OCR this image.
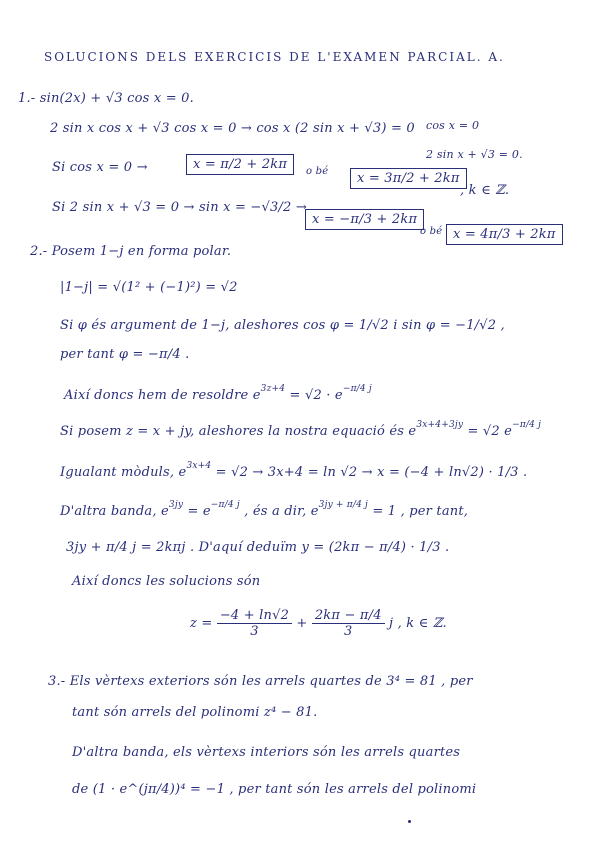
SOLUCIONS DELS EXERCICIS DE L'EXAMEN PARCIAL. A.
1.- sin(2x) + √3 cos x = 0.
2 sin x cos x + √3 cos x = 0 → cos x (2 sin x + √3) = 0 cos x = 0
2 sin x + √3 = 0.
Si cos x = 0 →	x = π/2 + 2kπ	o bé	x = 3π/2 + 2kπ
, k ∈ ℤ.
Si 2 sin x + √3 = 0 → sin x = −√3/2 →
x = −π/3 + 2kπ
o bé x = 4π/3 + 2kπ
2.- Posem 1−j en forma polar.
|1−j| = √(1² + (−1)²) = √2
Si φ és argument de 1−j, aleshores cos φ = 1/√2 i sin φ = −1/√2 ,
per tant φ = −π/4 .
Així doncs hem de resoldre $e^{3z+4} = √2 \cdot e^{-\pi/4 j}$
Si posem z = x + jy, aleshores la nostra equació és $e^{3x+4+3jy} = √2$ $e^{-\pi/4 j}$
Igualant mòduls, $e^{3x+4} = √2 \to 3x+4 = \ln √2 \to x = (-4 + \ln√2) \cdot 1/3$ .
D'altra banda, $e^{3jy} = e^{-\pi/4 j}$ , és a dir, $e^{3jy + \pi/4 j} = 1$ , per tant,
3jy + π/4 j = 2kπj . D'aquí deduïm y = (2kπ − π/4) · 1/3 .
Així doncs les solucions són
$z = \frac{-4 + \ln√2}{3} + \frac{2k\pi - \pi/4}{3}$ j , k ∈ ℤ.
3.- Els vèrtexs exteriors són les arrels quartes de 3⁴ = 81 , per
tant són arrels del polinomi z⁴ − 81.
D'altra banda, els vèrtexs interiors són les arrels quartes
de (1 · e^(jπ/4))⁴ = −1 , per tant són les arrels del polinomi
